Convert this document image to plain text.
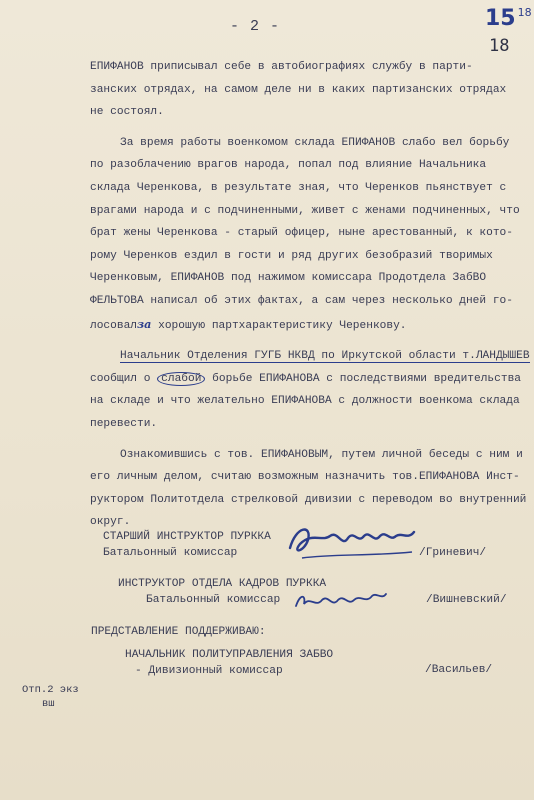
- 2 -	15 $^{18}$
18
ЕПИФАНОВ приписывал себе в автобиографиях службу в парти-
занских отрядах, на самом деле ни в каких партизанских отрядах
не состоял.
За время работы военкомом склада ЕПИФАНОВ слабо вел борьбу
по разоблачению врагов народа, попал под влияние Начальника
склада Черенкова, в результате зная, что Черенков пьянствует с
врагами народа и с подчиненными, живет с женами подчиненных, что
брат жены Черенкова - старый офицер, ныне арестованный, к кото-
рому Черенков ездил в гости и ряд других безобразий творимых
Черенковым, ЕПИФАНОВ под нажимом комиссара Продотдела ЗабВО
ФЕЛЬТОВА написал об этих фактах, а сам через несколько дней го-
лосовалза хорошую партхарактеристику Черенкову.
Начальник Отделения ГУГБ НКВД по Иркутской области т.ЛАНДЫШЕВ
сообщил о слабой борьбе ЕПИФАНОВА с последствиями вредительства
на складе и что желательно ЕПИФАНОВА с должности военкома склада
перевести.
Ознакомившись с тов. ЕПИФАНОВЫМ, путем личной беседы с ним и
его личным делом, считаю возможным назначить тов.ЕПИФАНОВА Инст-
руктором Политотдела стрелковой дивизии с переводом во внутренний
округ.
СТАРШИЙ ИНСТРУКТОР ПУРККА
Батальонный комиссар	/Гриневич/
ИНСТРУКТОР ОТДЕЛА КАДРОВ ПУРККА
Батальонный комиссар	/Вишневский/
ПРЕДСТАВЛЕНИЕ ПОДДЕРЖИВАЮ:
НАЧАЛЬНИК ПОЛИТУПРАВЛЕНИЯ ЗАБВО
- Дивизионный комиссар	/Васильев/
Отп.2 экз
вш
